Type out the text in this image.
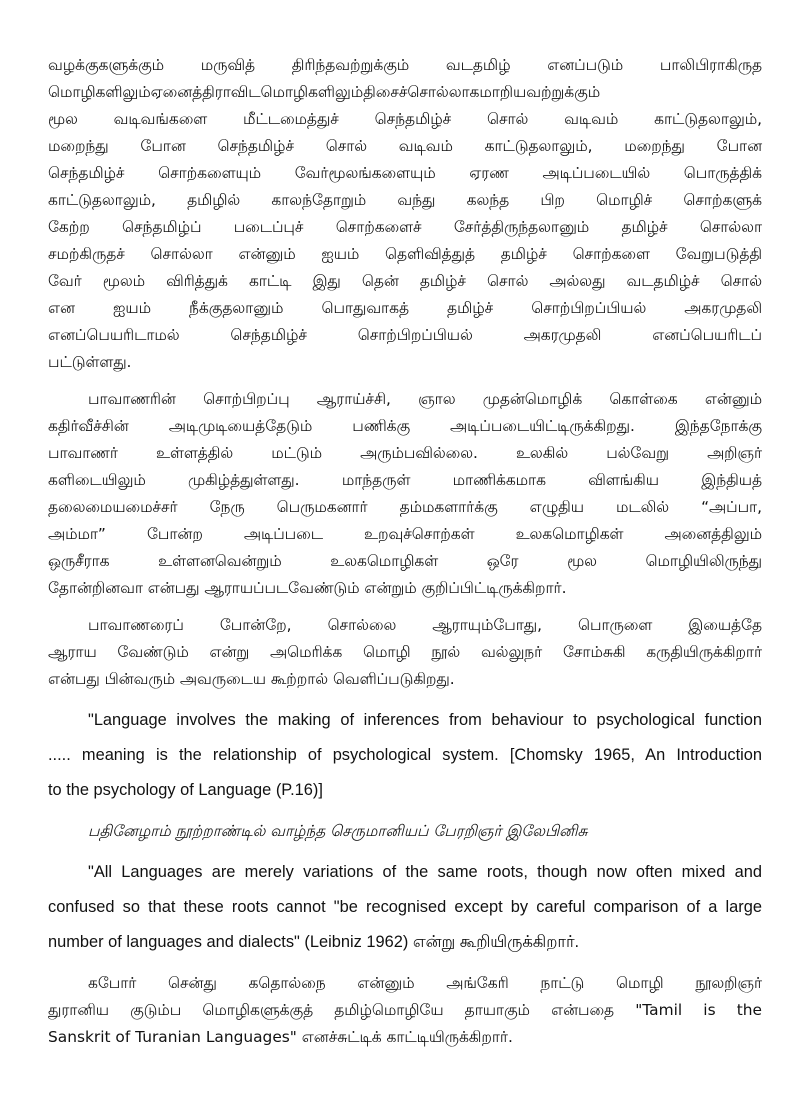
வழக்குகளுக்கும் மருவித் திரிந்தவற்றுக்கும் வடதமிழ் எனப்படும் பாலிபிராகிருத
மொழிகளிலும்ஏனைத்திராவிடமொழிகளிலும்திசைச்சொல்லாகமாறியவற்றுக்கும்
மூல வடிவங்களை மீட்டமைத்துச் செந்தமிழ்ச் சொல் வடிவம் காட்டுதலாலும்,
மறைந்து போன செந்தமிழ்ச் சொல் வடிவம் காட்டுதலாலும், மறைந்து போன
செந்தமிழ்ச் சொற்களையும் வேர்மூலங்களையும் ஏரண அடிப்படையில் பொருத்திக்
காட்டுதலாலும், தமிழில் காலந்தோறும் வந்து கலந்த பிற மொழிச் சொற்களுக்
கேற்ற செந்தமிழ்ப் படைப்புச் சொற்களைச் சேர்த்திருந்தலானும் தமிழ்ச் சொல்லா
சமற்கிருதச் சொல்லா என்னும் ஐயம் தெளிவித்துத் தமிழ்ச் சொற்களை வேறுபடுத்தி
வேர் மூலம் விரித்துக் காட்டி இது தென் தமிழ்ச் சொல் அல்லது வடதமிழ்ச் சொல்
என ஐயம் நீக்குதலானும் பொதுவாகத் தமிழ்ச் சொற்பிறப்பியல் அகரமுதலி
எனப்பெயரிடாமல் செந்தமிழ்ச் சொற்பிறப்பியல் அகரமுதலி எனப்பெயரிடப்
பட்டுள்ளது.

பாவாணரின் சொற்பிறப்பு ஆராய்ச்சி, ஞால முதன்மொழிக் கொள்கை என்னும்
கதிர்வீச்சின் அடிமுடியைத்தேடும் பணிக்கு அடிப்படையிட்டிருக்கிறது. இந்தநோக்கு
பாவாணர் உள்ளத்தில் மட்டும் அரும்பவில்லை. உலகில் பல்வேறு அறிஞர்
களிடையிலும் முகிழ்த்துள்ளது. மாந்தருள் மாணிக்கமாக விளங்கிய இந்தியத்
தலைமையமைச்சர் நேரு பெருமகனார் தம்மகளார்க்கு எழுதிய மடலில் “அப்பா,
அம்மா” போன்ற அடிப்படை உறவுச்சொற்கள் உலகமொழிகள் அனைத்திலும்
ஒருசீராக உள்ளனவென்றும் உலகமொழிகள் ஒரே மூல மொழியிலிருந்து
தோன்றினவா என்பது ஆராயப்படவேண்டும் என்றும் குறிப்பிட்டிருக்கிறார்.

பாவாணரைப் போன்றே, சொல்லை ஆராயும்போது, பொருளை இயைத்தே
ஆராய வேண்டும் என்று அமெரிக்க மொழி நூல் வல்லுநர் சோம்சுகி கருதியிருக்கிறார்
என்பது பின்வரும் அவருடைய கூற்றால் வெளிப்படுகிறது.

"Language involves the making of inferences from behaviour to psychological function
..... meaning is the relationship of psychological system. [Chomsky 1965, An Introduction
to the psychology of Language (P.16)]

பதினேழாம் நூற்றாண்டில் வாழ்ந்த செருமானியப் பேரறிஞர் இலேபினிசு

"All Languages are merely variations of the same roots, though now often mixed and
confused so that these roots cannot "be recognised except by careful comparison of a large
number of languages and dialects" (Leibniz 1962) என்று கூறியிருக்கிறார்.

கபோர் சென்து கதொல்நை என்னும் அங்கேரி நாட்டு மொழி நூலறிஞர்
துரானிய குடும்ப மொழிகளுக்குத் தமிழ்மொழியே தாயாகும் என்பதை "Tamil is the
Sanskrit of Turanian Languages" எனச்சுட்டிக் காட்டியிருக்கிறார்.
